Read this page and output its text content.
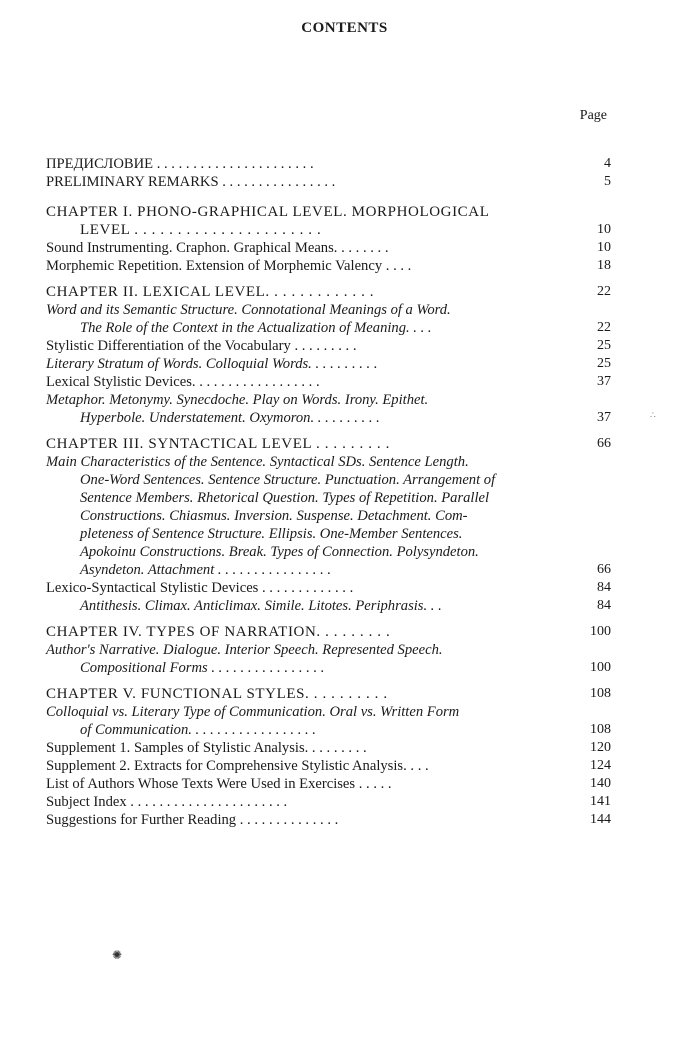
CONTENTS
Page
ПРЕДИСЛОВИЕ . . . . . . . . . . . . . . . . . . . . . .	4
PRELIMINARY REMARKS . . . . . . . . . . . . . . . .	5
CHAPTER I. PHONO-GRAPHICAL LEVEL. MORPHOLOGICAL
LEVEL . . . . . . . . . . . . . . . . . . . . . .	10
Sound Instrumenting. Craphon. Graphical Means. . . . . . . .	10
Morphemic Repetition. Extension of Morphemic Valency . . . .	18
CHAPTER II. LEXICAL LEVEL. . . . . . . . . . . . .	22
Word and its Semantic Structure. Connotational Meanings of a Word.
The Role of the Context in the Actualization of Meaning. . . .	22
Stylistic Differentiation of the Vocabulary . . . . . . . . .	25
Literary Stratum of Words. Colloquial Words. . . . . . . . . .	25
Lexical Stylistic Devices. . . . . . . . . . . . . . . . . .	37
Metaphor. Metonymy. Synecdoche. Play on Words. Irony. Epithet.
Hyperbole. Understatement. Oxymoron. . . . . . . . . .	37
CHAPTER III. SYNTACTICAL LEVEL . . . . . . . . .	66
Main Characteristics of the Sentence. Syntactical SDs. Sentence Length.
One-Word Sentences. Sentence Structure. Punctuation. Arrangement of
Sentence Members. Rhetorical Question. Types of Repetition. Parallel
Constructions. Chiasmus. Inversion. Suspense. Detachment. Com-
pleteness of Sentence Structure. Ellipsis. One-Member Sentences.
Apokoinu Constructions. Break. Types of Connection. Polysyndeton.
Asyndeton. Attachment . . . . . . . . . . . . . . . .	66
Lexico-Syntactical Stylistic Devices . . . . . . . . . . . . .	84
Antithesis. Climax. Anticlimax. Simile. Litotes. Periphrasis. . .	84
CHAPTER IV. TYPES OF NARRATION. . . . . . . . .	100
Author's Narrative. Dialogue. Interior Speech. Represented Speech.
Compositional Forms . . . . . . . . . . . . . . . .	100
CHAPTER V. FUNCTIONAL STYLES. . . . . . . . . .	108
Colloquial vs. Literary Type of Communication. Oral vs. Written Form
of Communication. . . . . . . . . . . . . . . . . .	108
Supplement 1. Samples of Stylistic Analysis. . . . . . . . .	120
Supplement 2. Extracts for Comprehensive Stylistic Analysis. . . .	124
List of Authors Whose Texts Were Used in Exercises . . . . .	140
Subject Index . . . . . . . . . . . . . . . . . . . . . .	141
Suggestions for Further Reading . . . . . . . . . . . . . .	144
✺
∴
